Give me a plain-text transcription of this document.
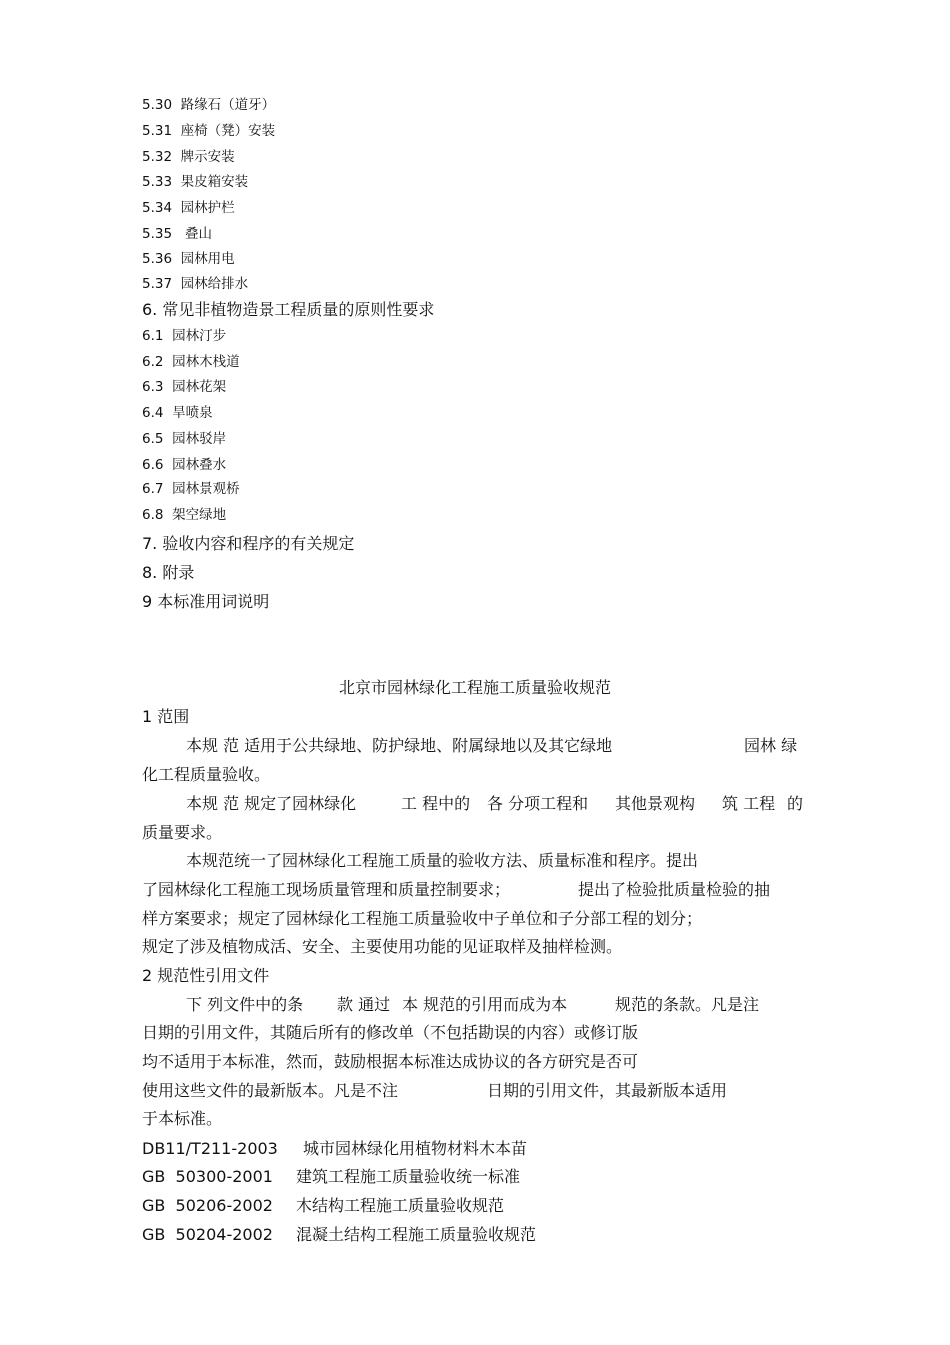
5.30 路缘石（道牙）
5.31 座椅（凳）安装
5.32 牌示安装
5.33 果皮箱安装
5.34 园林护栏
5.35   叠山
5.36 园林用电
5.37 园林给排水
6. 常见非植物造景工程质量的原则性要求
6.1 园林汀步
6.2 园林木栈道
6.3 园林花架
6.4 旱喷泉
6.5 园林驳岸
6.6 园林叠水
6.7 园林景观桥
6.8 架空绿地
7. 验收内容和程序的有关规定
8. 附录
9 本标准用词说明
北京市园林绿化工程施工质量验收规范
1 范围
本规 范 适用于公共绿地、防护绿地、附属绿地以及其它绿地	园林 绿
化工程质量验收。
本规 范 规定了园林绿化	工 程中的 各 分项工程和 其他景观构 筑 工程 的
质量要求。
本规范统一了园林绿化工程施工质量的验收方法、质量标准和程序。提出
了园林绿化工程施工现场质量管理和质量控制要求；	提出了检验批质量检验的抽
样方案要求；规定了园林绿化工程施工质量验收中子单位和子分部工程的划分；
规定了涉及植物成活、安全、主要使用功能的见证取样及抽样检测。
2 规范性引用文件
下 列文件中的条 款 通过 本 规范的引用而成为本	规范的条款。凡是注
日期的引用文件，其随后所有的修改单（不包括勘误的内容）或修订版
均不适用于本标准，然而，鼓励根据本标准达成协议的各方研究是否可
使用这些文件的最新版本。凡是不注	日期的引用文件，其最新版本适用
于本标准。
DB11/T211-2003 城市园林绿化用植物材料木本苗
GB  50300-2001 建筑工程施工质量验收统一标准
GB  50206-2002 木结构工程施工质量验收规范
GB  50204-2002 混凝土结构工程施工质量验收规范
